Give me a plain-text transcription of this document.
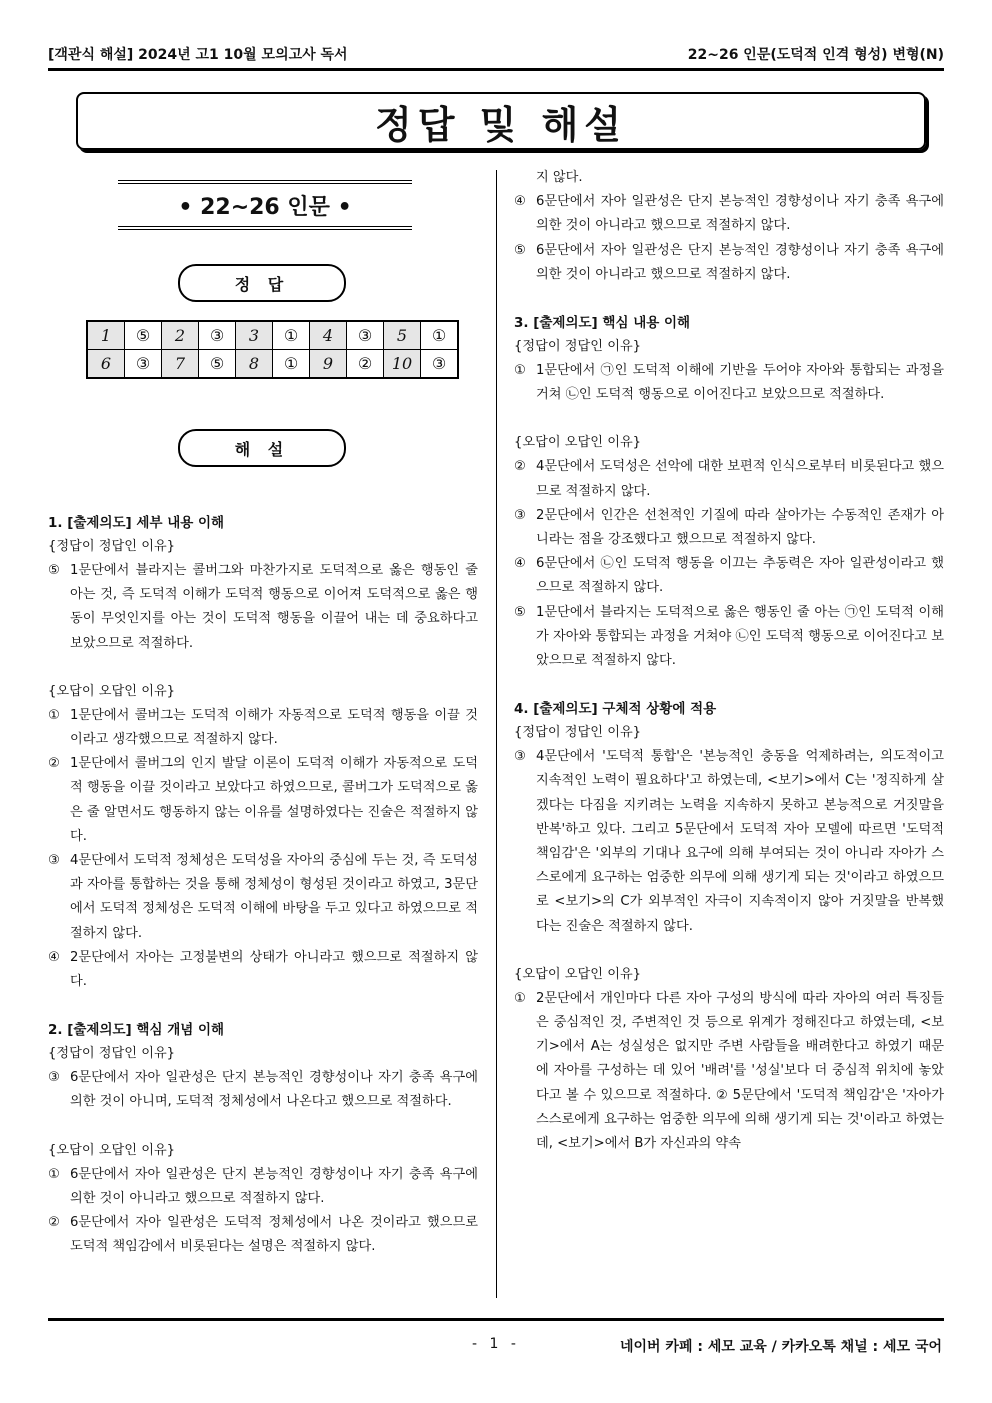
[객관식 해설] 2024년 고1 10월 모의고사 독서	22~26 인문(도덕적 인격 형성) 변형(N)
정답 및 해설
• 22~26 인문 •
정 답
1	⑤	2	③	3	①	4	③	5	①
6	③	7	⑤	8	①	9	②	10	③
해 설
1. [출제의도] 세부 내용 이해
{정답이 정답인 이유}
⑤ 1문단에서 블라지는 콜버그와 마찬가지로 도덕적으로 옳은 행동인 줄 아는 것, 즉 도덕적 이해가 도덕적 행동으로 이어져 도덕적으로 옳은 행동이 무엇인지를 아는 것이 도덕적 행동을 이끌어 내는 데 중요하다고 보았으므로 적절하다.
{오답이 오답인 이유}
① 1문단에서 콜버그는 도덕적 이해가 자동적으로 도덕적 행동을 이끌 것이라고 생각했으므로 적절하지 않다.
② 1문단에서 콜버그의 인지 발달 이론이 도덕적 이해가 자동적으로 도덕적 행동을 이끌 것이라고 보았다고 하였으므로, 콜버그가 도덕적으로 옳은 줄 알면서도 행동하지 않는 이유를 설명하였다는 진술은 적절하지 않다.
③ 4문단에서 도덕적 정체성은 도덕성을 자아의 중심에 두는 것, 즉 도덕성과 자아를 통합하는 것을 통해 정체성이 형성된 것이라고 하였고, 3문단에서 도덕적 정체성은 도덕적 이해에 바탕을 두고 있다고 하였으므로 적절하지 않다.
④ 2문단에서 자아는 고정불변의 상태가 아니라고 했으므로 적절하지 않다.
2. [출제의도] 핵심 개념 이해
{정답이 정답인 이유}
③ 6문단에서 자아 일관성은 단지 본능적인 경향성이나 자기 충족 욕구에 의한 것이 아니며, 도덕적 정체성에서 나온다고 했으므로 적절하다.
{오답이 오답인 이유}
① 6문단에서 자아 일관성은 단지 본능적인 경향성이나 자기 충족 욕구에 의한 것이 아니라고 했으므로 적절하지 않다.
② 6문단에서 자아 일관성은 도덕적 정체성에서 나온 것이라고 했으므로 도덕적 책임감에서 비롯된다는 설명은 적절하지 않다.
지 않다.
④ 6문단에서 자아 일관성은 단지 본능적인 경향성이나 자기 충족 욕구에 의한 것이 아니라고 했으므로 적절하지 않다.
⑤ 6문단에서 자아 일관성은 단지 본능적인 경향성이나 자기 충족 욕구에 의한 것이 아니라고 했으므로 적절하지 않다.
3. [출제의도] 핵심 내용 이해
{정답이 정답인 이유}
① 1문단에서 ㉠인 도덕적 이해에 기반을 두어야 자아와 통합되는 과정을 거쳐 ㉡인 도덕적 행동으로 이어진다고 보았으므로 적절하다.
{오답이 오답인 이유}
② 4문단에서 도덕성은 선악에 대한 보편적 인식으로부터 비롯된다고 했으므로 적절하지 않다.
③ 2문단에서 인간은 선천적인 기질에 따라 살아가는 수동적인 존재가 아니라는 점을 강조했다고 했으므로 적절하지 않다.
④ 6문단에서 ㉡인 도덕적 행동을 이끄는 추동력은 자아 일관성이라고 했으므로 적절하지 않다.
⑤ 1문단에서 블라지는 도덕적으로 옳은 행동인 줄 아는 ㉠인 도덕적 이해가 자아와 통합되는 과정을 거쳐야 ㉡인 도덕적 행동으로 이어진다고 보았으므로 적절하지 않다.
4. [출제의도] 구체적 상황에 적용
{정답이 정답인 이유}
③ 4문단에서 '도덕적 통합'은 '본능적인 충동을 억제하려는, 의도적이고 지속적인 노력이 필요하다'고 하였는데, <보기>에서 C는 '정직하게 살겠다는 다짐을 지키려는 노력을 지속하지 못하고 본능적으로 거짓말을 반복'하고 있다. 그리고 5문단에서 도덕적 자아 모델에 따르면 '도덕적 책임감'은 '외부의 기대나 요구에 의해 부여되는 것이 아니라 자아가 스스로에게 요구하는 엄중한 의무에 의해 생기게 되는 것'이라고 하였으므로 <보기>의 C가 외부적인 자극이 지속적이지 않아 거짓말을 반복했다는 진술은 적절하지 않다.
{오답이 오답인 이유}
① 2문단에서 개인마다 다른 자아 구성의 방식에 따라 자아의 여러 특징들은 중심적인 것, 주변적인 것 등으로 위계가 정해진다고 하였는데, <보기>에서 A는 성실성은 없지만 주변 사람들을 배려한다고 하였기 때문에 자아를 구성하는 데 있어 '배려'를 '성실'보다 더 중심적 위치에 놓았다고 볼 수 있으므로 적절하다. ② 5문단에서 '도덕적 책임감'은 '자아가 스스로에게 요구하는 엄중한 의무에 의해 생기게 되는 것'이라고 하였는데, <보기>에서 B가 자신과의 약속
- 1 -	네이버 카페 : 세모 교육 / 카카오톡 채널 : 세모 국어
